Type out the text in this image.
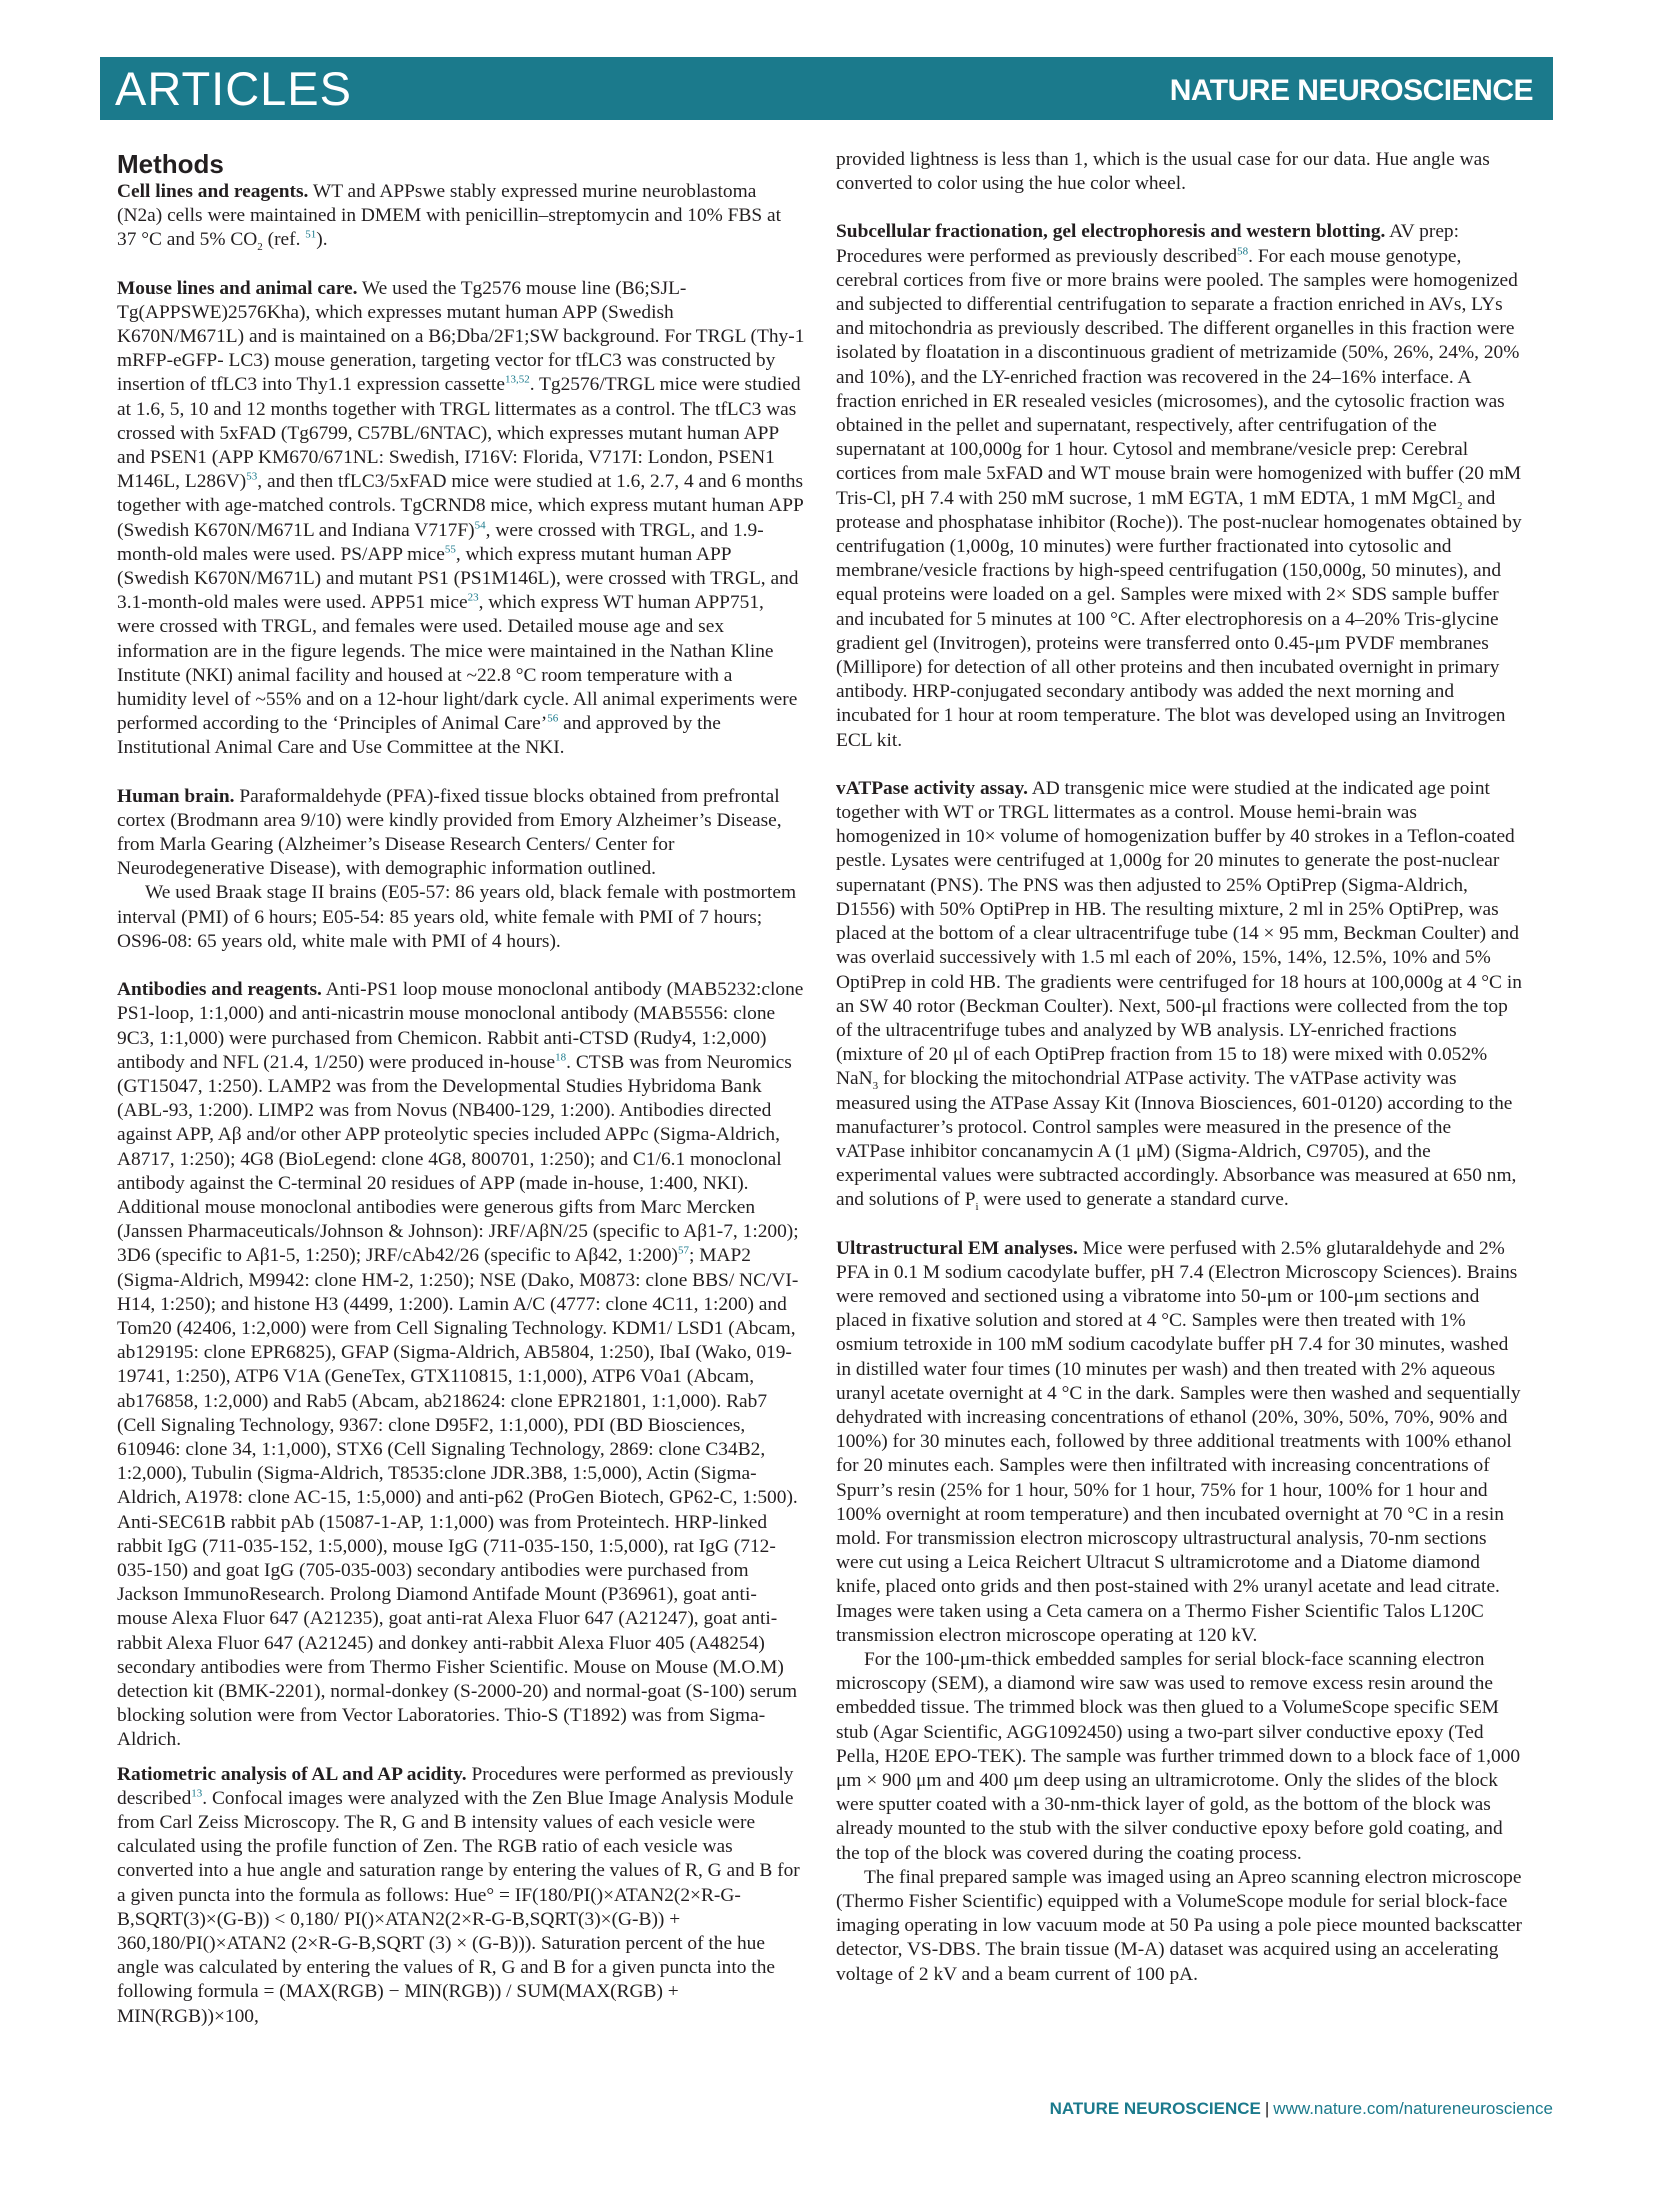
ARTICLES	NATURE NEUROSCIENCE
Methods

Cell lines and reagents. WT and APPswe stably expressed murine neuroblastoma (N2a) cells were maintained in DMEM with penicillin–streptomycin and 10% FBS at 37 °C and 5% $CO_2$ (ref. $^{51}$).

Mouse lines and animal care. We used the Tg2576 mouse line (B6;SJL-Tg(APPSWE)2576Kha), which expresses mutant human APP (Swedish K670N/M671L) and is maintained on a B6;Dba/2F1;SW background. For TRGL (Thy-1 mRFP-eGFP- LC3) mouse generation, targeting vector for tfLC3 was constructed by insertion of tfLC3 into Thy1.1 expression cassette$^{13,52}$. Tg2576/TRGL mice were studied at 1.6, 5, 10 and 12 months together with TRGL littermates as a control. The tfLC3 was crossed with 5xFAD (Tg6799, C57BL/6NTAC), which expresses mutant human APP and PSEN1 (APP KM670/671NL: Swedish, I716V: Florida, V717I: London, PSEN1 M146L, L286V)$^{53}$, and then tfLC3/5xFAD mice were studied at 1.6, 2.7, 4 and 6 months together with age-matched controls. TgCRND8 mice, which express mutant human APP (Swedish K670N/M671L and Indiana V717F)$^{54}$, were crossed with TRGL, and 1.9-month-old males were used. PS/APP mice$^{55}$, which express mutant human APP (Swedish K670N/M671L) and mutant PS1 (PS1M146L), were crossed with TRGL, and 3.1-month-old males were used. APP51 mice$^{23}$, which express WT human APP751, were crossed with TRGL, and females were used. Detailed mouse age and sex information are in the figure legends. The mice were maintained in the Nathan Kline Institute (NKI) animal facility and housed at ~22.8 °C room temperature with a humidity level of ~55% and on a 12-hour light/dark cycle. All animal experiments were performed according to the ‘Principles of Animal Care’$^{56}$ and approved by the Institutional Animal Care and Use Committee at the NKI.

Human brain. Paraformaldehyde (PFA)-fixed tissue blocks obtained from prefrontal cortex (Brodmann area 9/10) were kindly provided from Emory Alzheimer’s Disease, from Marla Gearing (Alzheimer’s Disease Research Centers/ Center for Neurodegenerative Disease), with demographic information outlined.

We used Braak stage II brains (E05-57: 86 years old, black female with postmortem interval (PMI) of 6 hours; E05-54: 85 years old, white female with PMI of 7 hours; OS96-08: 65 years old, white male with PMI of 4 hours).

Antibodies and reagents. Anti-PS1 loop mouse monoclonal antibody (MAB5232:clone PS1-loop, 1:1,000) and anti-nicastrin mouse monoclonal antibody (MAB5556: clone 9C3, 1:1,000) were purchased from Chemicon. Rabbit anti-CTSD (Rudy4, 1:2,000) antibody and NFL (21.4, 1/250) were produced in-house$^{18}$. CTSB was from Neuromics (GT15047, 1:250). LAMP2 was from the Developmental Studies Hybridoma Bank (ABL-93, 1:200). LIMP2 was from Novus (NB400-129, 1:200). Antibodies directed against APP, Aβ and/or other APP proteolytic species included APPc (Sigma-Aldrich, A8717, 1:250); 4G8 (BioLegend: clone 4G8, 800701, 1:250); and C1/6.1 monoclonal antibody against the C-terminal 20 residues of APP (made in-house, 1:400, NKI). Additional mouse monoclonal antibodies were generous gifts from Marc Mercken (Janssen Pharmaceuticals/Johnson & Johnson): JRF/AβN/25 (specific to Aβ1-7, 1:200); 3D6 (specific to Aβ1-5, 1:250); JRF/cAb42/26 (specific to Aβ42, 1:200)$^{57}$; MAP2 (Sigma-Aldrich, M9942: clone HM-2, 1:250); NSE (Dako, M0873: clone BBS/ NC/VI-H14, 1:250); and histone H3 (4499, 1:200). Lamin A/C (4777: clone 4C11, 1:200) and Tom20 (42406, 1:2,000) were from Cell Signaling Technology. KDM1/ LSD1 (Abcam, ab129195: clone EPR6825), GFAP (Sigma-Aldrich, AB5804, 1:250), IbaI (Wako, 019-19741, 1:250), ATP6 V1A (GeneTex, GTX110815, 1:1,000), ATP6 V0a1 (Abcam, ab176858, 1:2,000) and Rab5 (Abcam, ab218624: clone EPR21801, 1:1,000). Rab7 (Cell Signaling Technology, 9367: clone D95F2, 1:1,000), PDI (BD Biosciences, 610946: clone 34, 1:1,000), STX6 (Cell Signaling Technology, 2869: clone C34B2, 1:2,000), Tubulin (Sigma-Aldrich, T8535:clone JDR.3B8, 1:5,000), Actin (Sigma-Aldrich, A1978: clone AC-15, 1:5,000) and anti-p62 (ProGen Biotech, GP62-C, 1:500). Anti-SEC61B rabbit pAb (15087-1-AP, 1:1,000) was from Proteintech. HRP-linked rabbit IgG (711-035-152, 1:5,000), mouse IgG (711-035-150, 1:5,000), rat IgG (712-035-150) and goat IgG (705-035-003) secondary antibodies were purchased from Jackson ImmunoResearch. Prolong Diamond Antifade Mount (P36961), goat anti-mouse Alexa Fluor 647 (A21235), goat anti-rat Alexa Fluor 647 (A21247), goat anti-rabbit Alexa Fluor 647 (A21245) and donkey anti-rabbit Alexa Fluor 405 (A48254) secondary antibodies were from Thermo Fisher Scientific. Mouse on Mouse (M.O.M) detection kit (BMK-2201), normal-donkey (S-2000-20) and normal-goat (S-100) serum blocking solution were from Vector Laboratories. Thio-S (T1892) was from Sigma-Aldrich.

Ratiometric analysis of AL and AP acidity. Procedures were performed as previously described$^{13}$. Confocal images were analyzed with the Zen Blue Image Analysis Module from Carl Zeiss Microscopy. The R, G and B intensity values of each vesicle were calculated using the profile function of Zen. The RGB ratio of each vesicle was converted into a hue angle and saturation range by entering the values of R, G and B for a given puncta into the formula as follows: Hue° = IF(180/PI()×ATAN2(2×R-G-B,SQRT(3)×(G-B)) < 0,180/ PI()×ATAN2(2×R-G-B,SQRT(3)×(G-B)) + 360,180/PI()×ATAN2 (2×R-G-B,SQRT (3) × (G-B))). Saturation percent of the hue angle was calculated by entering the values of R, G and B for a given puncta into the following formula = (MAX(RGB) − MIN(RGB)) / SUM(MAX(RGB) + MIN(RGB))×100,

provided lightness is less than 1, which is the usual case for our data. Hue angle was converted to color using the hue color wheel.

Subcellular fractionation, gel electrophoresis and western blotting. AV prep: Procedures were performed as previously described$^{58}$. For each mouse genotype, cerebral cortices from five or more brains were pooled. The samples were homogenized and subjected to differential centrifugation to separate a fraction enriched in AVs, LYs and mitochondria as previously described. The different organelles in this fraction were isolated by floatation in a discontinuous gradient of metrizamide (50%, 26%, 24%, 20% and 10%), and the LY-enriched fraction was recovered in the 24–16% interface. A fraction enriched in ER resealed vesicles (microsomes), and the cytosolic fraction was obtained in the pellet and supernatant, respectively, after centrifugation of the supernatant at 100,000g for 1 hour. Cytosol and membrane/vesicle prep: Cerebral cortices from male 5xFAD and WT mouse brain were homogenized with buffer (20 mM Tris-Cl, pH 7.4 with 250 mM sucrose, 1 mM EGTA, 1 mM EDTA, 1 mM MgCl$_2$ and protease and phosphatase inhibitor (Roche)). The post-nuclear homogenates obtained by centrifugation (1,000g, 10 minutes) were further fractionated into cytosolic and membrane/vesicle fractions by high-speed centrifugation (150,000g, 50 minutes), and equal proteins were loaded on a gel. Samples were mixed with 2× SDS sample buffer and incubated for 5 minutes at 100 °C. After electrophoresis on a 4–20% Tris-glycine gradient gel (Invitrogen), proteins were transferred onto 0.45-μm PVDF membranes (Millipore) for detection of all other proteins and then incubated overnight in primary antibody. HRP-conjugated secondary antibody was added the next morning and incubated for 1 hour at room temperature. The blot was developed using an Invitrogen ECL kit.

vATPase activity assay. AD transgenic mice were studied at the indicated age point together with WT or TRGL littermates as a control. Mouse hemi-brain was homogenized in 10× volume of homogenization buffer by 40 strokes in a Teflon-coated pestle. Lysates were centrifuged at 1,000g for 20 minutes to generate the post-nuclear supernatant (PNS). The PNS was then adjusted to 25% OptiPrep (Sigma-Aldrich, D1556) with 50% OptiPrep in HB. The resulting mixture, 2 ml in 25% OptiPrep, was placed at the bottom of a clear ultracentrifuge tube (14 × 95 mm, Beckman Coulter) and was overlaid successively with 1.5 ml each of 20%, 15%, 14%, 12.5%, 10% and 5% OptiPrep in cold HB. The gradients were centrifuged for 18 hours at 100,000g at 4 °C in an SW 40 rotor (Beckman Coulter). Next, 500-μl fractions were collected from the top of the ultracentrifuge tubes and analyzed by WB analysis. LY-enriched fractions (mixture of 20 μl of each OptiPrep fraction from 15 to 18) were mixed with 0.052% NaN$_3$ for blocking the mitochondrial ATPase activity. The vATPase activity was measured using the ATPase Assay Kit (Innova Biosciences, 601-0120) according to the manufacturer’s protocol. Control samples were measured in the presence of the vATPase inhibitor concanamycin A (1 μM) (Sigma-Aldrich, C9705), and the experimental values were subtracted accordingly. Absorbance was measured at 650 nm, and solutions of $P_i$ were used to generate a standard curve.

Ultrastructural EM analyses. Mice were perfused with 2.5% glutaraldehyde and 2% PFA in 0.1 M sodium cacodylate buffer, pH 7.4 (Electron Microscopy Sciences). Brains were removed and sectioned using a vibratome into 50-μm or 100-μm sections and placed in fixative solution and stored at 4 °C. Samples were then treated with 1% osmium tetroxide in 100 mM sodium cacodylate buffer pH 7.4 for 30 minutes, washed in distilled water four times (10 minutes per wash) and then treated with 2% aqueous uranyl acetate overnight at 4 °C in the dark. Samples were then washed and sequentially dehydrated with increasing concentrations of ethanol (20%, 30%, 50%, 70%, 90% and 100%) for 30 minutes each, followed by three additional treatments with 100% ethanol for 20 minutes each. Samples were then infiltrated with increasing concentrations of Spurr’s resin (25% for 1 hour, 50% for 1 hour, 75% for 1 hour, 100% for 1 hour and 100% overnight at room temperature) and then incubated overnight at 70 °C in a resin mold. For transmission electron microscopy ultrastructural analysis, 70-nm sections were cut using a Leica Reichert Ultracut S ultramicrotome and a Diatome diamond knife, placed onto grids and then post-stained with 2% uranyl acetate and lead citrate. Images were taken using a Ceta camera on a Thermo Fisher Scientific Talos L120C transmission electron microscope operating at 120 kV.

For the 100-μm-thick embedded samples for serial block-face scanning electron microscopy (SEM), a diamond wire saw was used to remove excess resin around the embedded tissue. The trimmed block was then glued to a VolumeScope specific SEM stub (Agar Scientific, AGG1092450) using a two-part silver conductive epoxy (Ted Pella, H20E EPO-TEK). The sample was further trimmed down to a block face of 1,000 μm × 900 μm and 400 μm deep using an ultramicrotome. Only the slides of the block were sputter coated with a 30-nm-thick layer of gold, as the bottom of the block was already mounted to the stub with the silver conductive epoxy before gold coating, and the top of the block was covered during the coating process.

The final prepared sample was imaged using an Apreo scanning electron microscope (Thermo Fisher Scientific) equipped with a VolumeScope module for serial block-face imaging operating in low vacuum mode at 50 Pa using a pole piece mounted backscatter detector, VS-DBS. The brain tissue (M-A) dataset was acquired using an accelerating voltage of 2 kV and a beam current of 100 pA.

NATURE NEUROSCIENCE | www.nature.com/natureneuroscience
